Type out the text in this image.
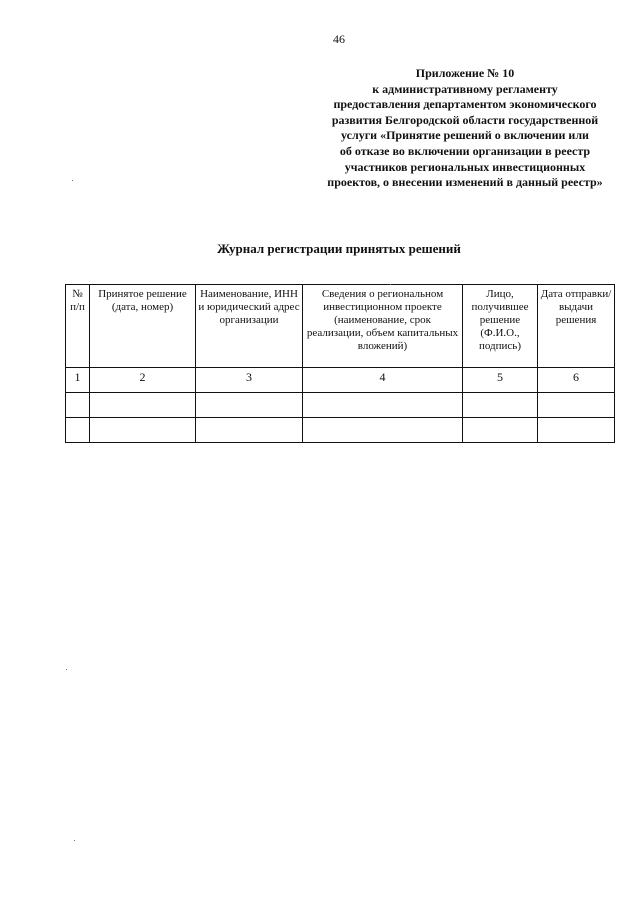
46
Приложение № 10
к административному регламенту
предоставления департаментом экономического
развития Белгородской области государственной
услуги «Принятие решений о включении или
об отказе во включении организации в реестр
участников региональных инвестиционных
проектов, о внесении изменений в данный реестр»
Журнал регистрации принятых решений
№ п/п	Принятое решение (дата, номер)	Наименование, ИНН и юридический адрес организации	Сведения о региональном инвестиционном проекте (наименование, срок реализации, объем капитальных вложений)	Лицо, получившее решение (Ф.И.О., подпись)	Дата отправки/ выдачи решения
1	2	3	4	5	6
